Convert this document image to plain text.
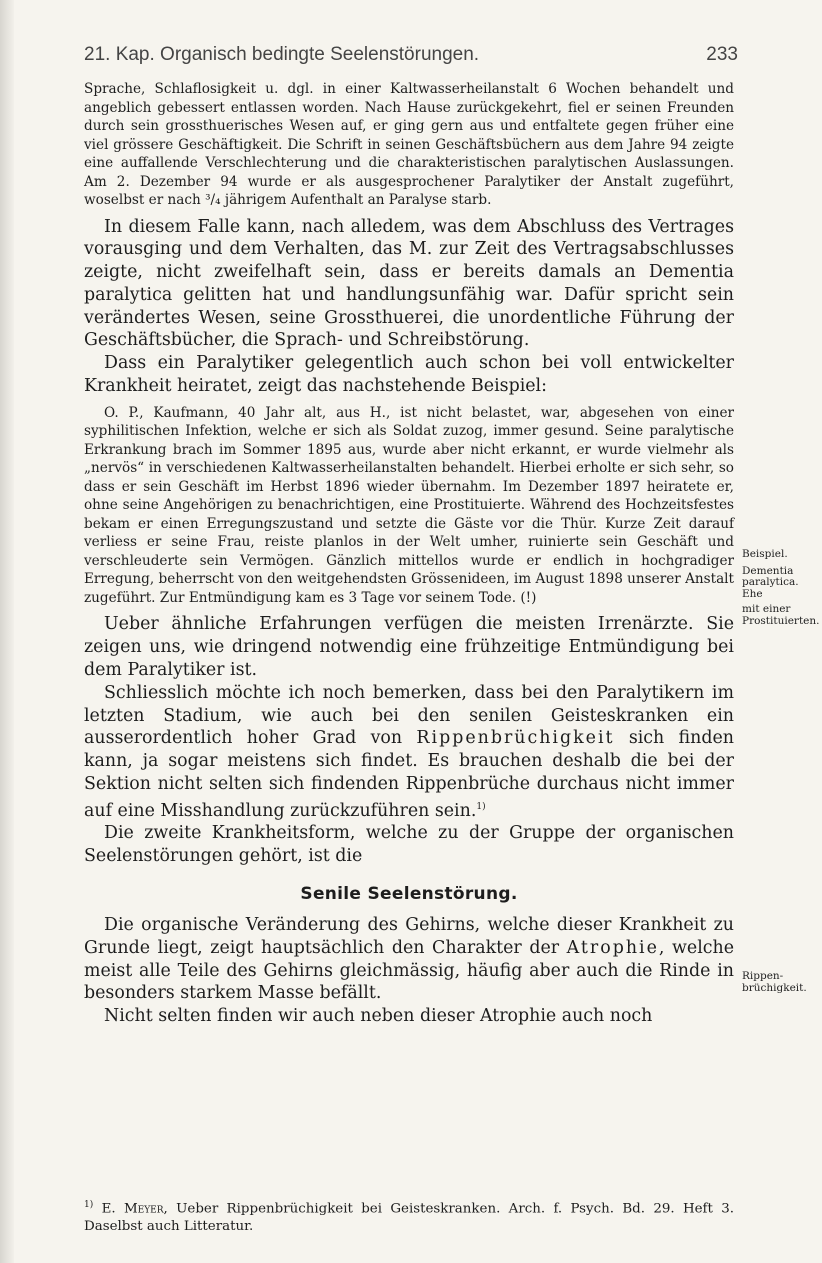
21. Kap. Organisch bedingte Seelenstörungen.	233

Sprache, Schlaflosigkeit u. dgl. in einer Kaltwasserheilanstalt 6 Wochen behandelt und angeblich gebessert entlassen worden. Nach Hause zurückgekehrt, fiel er seinen Freunden durch sein grossthuerisches Wesen auf, er ging gern aus und entfaltete gegen früher eine viel grössere Geschäftigkeit. Die Schrift in seinen Geschäftsbüchern aus dem Jahre 94 zeigte eine auffallende Verschlechterung und die charakteristischen paralytischen Auslassungen. Am 2. Dezember 94 wurde er als ausgesprochener Paralytiker der Anstalt zugeführt, woselbst er nach ³/₄ jährigem Aufenthalt an Paralyse starb.

In diesem Falle kann, nach alledem, was dem Abschluss des Vertrages vorausging und dem Verhalten, das M. zur Zeit des Vertragsabschlusses zeigte, nicht zweifelhaft sein, dass er bereits damals an Dementia paralytica gelitten hat und handlungsunfähig war. Dafür spricht sein verändertes Wesen, seine Grossthuerei, die unordentliche Führung der Geschäftsbücher, die Sprach- und Schreibstörung.

Dass ein Paralytiker gelegentlich auch schon bei voll entwickelter Krankheit heiratet, zeigt das nachstehende Beispiel:

O. P., Kaufmann, 40 Jahr alt, aus H., ist nicht belastet, war, abgesehen von einer syphilitischen Infektion, welche er sich als Soldat zuzog, immer gesund. Seine paralytische Erkrankung brach im Sommer 1895 aus, wurde aber nicht erkannt, er wurde vielmehr als „nervös“ in verschiedenen Kaltwasserheilanstalten behandelt. Hierbei erholte er sich sehr, so dass er sein Geschäft im Herbst 1896 wieder übernahm. Im Dezember 1897 heiratete er, ohne seine Angehörigen zu benachrichtigen, eine Prostituierte. Während des Hochzeitsfestes bekam er einen Erregungszustand und setzte die Gäste vor die Thür. Kurze Zeit darauf verliess er seine Frau, reiste planlos in der Welt umher, ruinierte sein Geschäft und verschleuderte sein Vermögen. Gänzlich mittellos wurde er endlich in hochgradiger Erregung, beherrscht von den weitgehendsten Grössenideen, im August 1898 unserer Anstalt zugeführt. Zur Entmündigung kam es 3 Tage vor seinem Tode. (!)

Ueber ähnliche Erfahrungen verfügen die meisten Irrenärzte. Sie zeigen uns, wie dringend notwendig eine frühzeitige Entmündigung bei dem Paralytiker ist.

Schliesslich möchte ich noch bemerken, dass bei den Paralytikern im letzten Stadium, wie auch bei den senilen Geisteskranken ein ausserordentlich hoher Grad von Rippenbrüchigkeit sich finden kann, ja sogar meistens sich findet. Es brauchen deshalb die bei der Sektion nicht selten sich findenden Rippenbrüche durchaus nicht immer auf eine Misshandlung zurückzuführen sein.$^{1)}$

Die zweite Krankheitsform, welche zu der Gruppe der organischen Seelenstörungen gehört, ist die

Senile Seelenstörung.

Die organische Veränderung des Gehirns, welche dieser Krankheit zu Grunde liegt, zeigt hauptsächlich den Charakter der Atrophie, welche meist alle Teile des Gehirns gleichmässig, häufig aber auch die Rinde in besonders starkem Masse befällt.

Nicht selten finden wir auch neben dieser Atrophie auch noch

Beispiel.
Dementia
paralytica. Ehe
mit einer
Prostituierten.
Rippen-
brüchigkeit.
$^{1)}$ E. Meyer, Ueber Rippenbrüchigkeit bei Geisteskranken. Arch. f. Psych. Bd. 29. Heft 3. Daselbst auch Litteratur.
